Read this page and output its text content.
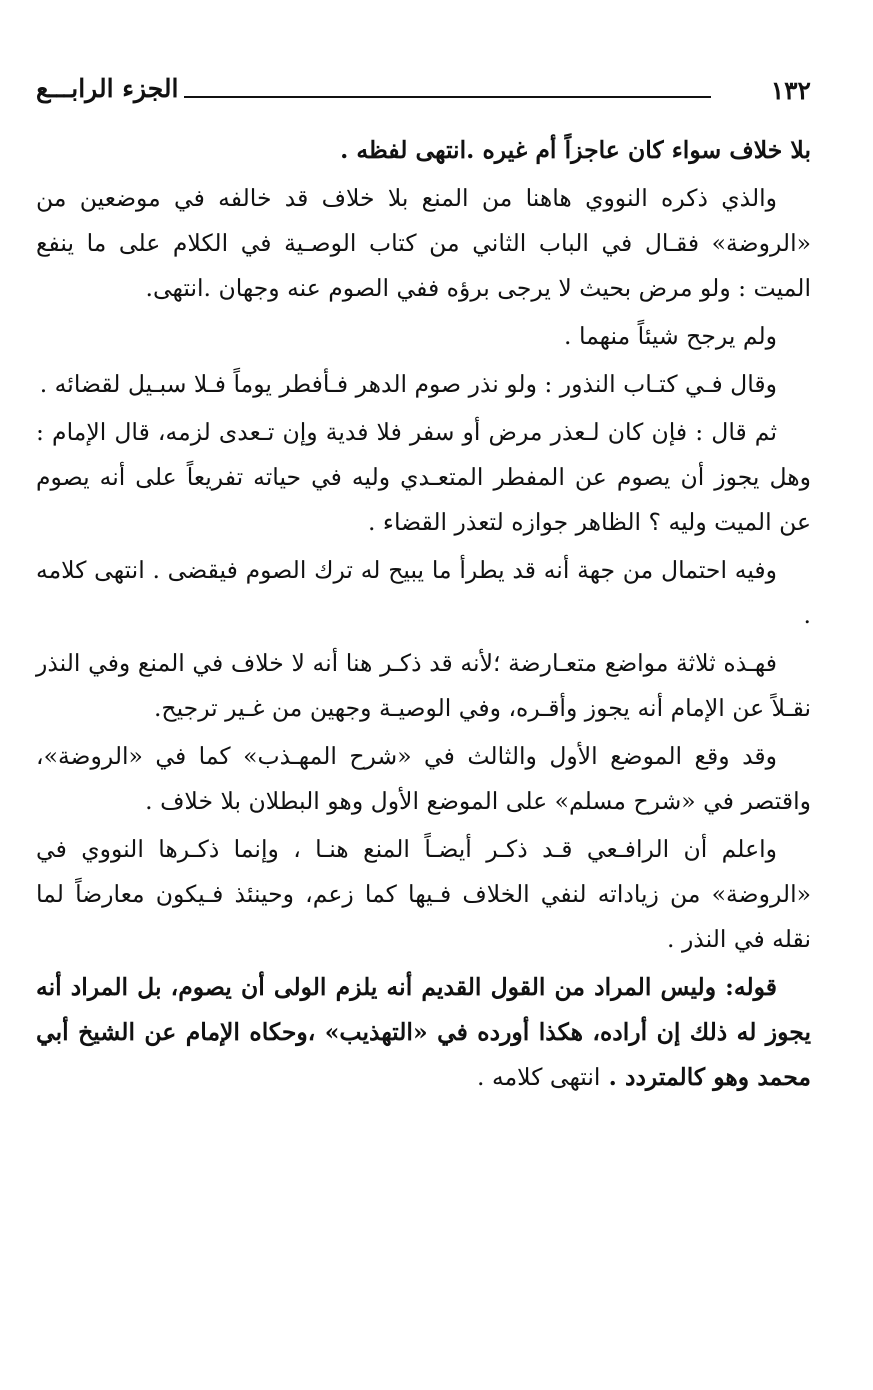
١٣٢
الجزء الرابـــع

بلا خلاف سواء كان عاجزاً أم غيره .انتهى لفظه .

والذي ذكره النووي هاهنا من المنع بلا خلاف قد خالفه في موضعين من «الروضة» فقـال في الباب الثاني من كتاب الوصـية في الكلام على ما ينفع الميت : ولو مرض بحيث لا يرجى برؤه ففي الصوم عنه وجهان .انتهى.

ولم يرجح شيئاً منهما .

وقال فـي كتـاب النذور : ولو نذر صوم الدهر فـأفطر يوماً فـلا سبـيل لقضائه .

ثم قال : فإن كان لـعذر مرض أو سفر فلا فدية وإن تـعدى لزمه، قال الإمام : وهل يجوز أن يصوم عن المفطر المتعـدي وليه في حياته تفريعاً على أنه يصوم عن الميت وليه ؟ الظاهر جوازه لتعذر القضاء .

وفيه احتمال من جهة أنه قد يطرأ ما يبيح له ترك الصوم فيقضى . انتهى كلامه .

فهـذه ثلاثة مواضع متعـارضة ؛لأنه قد ذكـر هنا أنه لا خلاف في المنع وفي النذر نقـلاً عن الإمام أنه يجوز وأقـره، وفي الوصيـة وجهين من غـير ترجيح.

وقد وقع الموضع الأول والثالث في «شرح المهـذب» كما في «الروضة»، واقتصر في «شرح مسلم» على الموضع الأول وهو البطلان بلا خلاف .

واعلم أن الرافـعي قـد ذكـر أيضـاً المنع هنـا ، وإنما ذكـرها النووي في «الروضة» من زياداته لنفي الخلاف فـيها كما زعم، وحينئذ فـيكون معارضاً لما نقله في النذر .

قوله: وليس المراد من القول القديم أنه يلزم الولى أن يصوم، بل المراد أنه يجوز له ذلك إن أراده، هكذا أورده في «التهذيب» ،وحكاه الإمام عن الشيخ أبي محمد وهو كالمتردد . انتهى كلامه .
